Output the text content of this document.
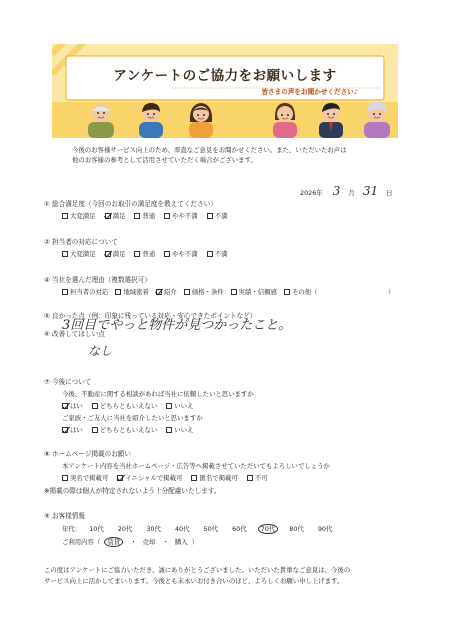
アンケートのご協力をお願いします
皆さまの声をお聞かせください♪
今後のお客様サービス向上のため、率直なご意見をお聞かせください。また、いただいたお声は
他のお客様の参考として活用させていただく場合がございます。
2026年 3 月 31 日
① 総合満足度（今回のお取引の満足度を教えてください）
大変満足	満足	普通	やや不満	不満
② 担当者の対応について
大変満足	満足	普通	やや不満	不満
④ 当社を選んだ理由（複数選択可）
担当者の対応 地域密着 紹介 価格・条件 実績・信頼感 その他（	）
⑤ 良かった点（例：印象に残っている対応・安心できたポイントなど）
3回目でやっと物件が見つかったこと。
⑥ 改善してほしい点
なし
⑦ 今後について
今後、不動産に関する相談があれば当社に依頼したいと思いますか
はい	どちらともいえない	いいえ
ご家族・ご友人に当社を紹介したいと思いますか
はい	どちらともいえない	いいえ
⑧ ホームページ掲載のお願い
本アンケート内容を当社ホームページ・広告等へ掲載させていただいてもよろしいでしょうか
実名で掲載可	イニシャルで掲載可	匿名で掲載可	不可
※掲載の際は個人が特定されないよう十分配慮いたします。
⑨ お客様情報
年代： 10代 20代 30代 40代 50代 60代 70代 80代 90代
ご利用内容（ 賃貸 ・ 売却 ・ 購入 ）
この度はアンケートにご協力いただき、誠にありがとうございました。いただいた貴重なご意見は、今後の
サービス向上に活かしてまいります。今後とも末永いお付き合いのほど、よろしくお願い申し上げます。
